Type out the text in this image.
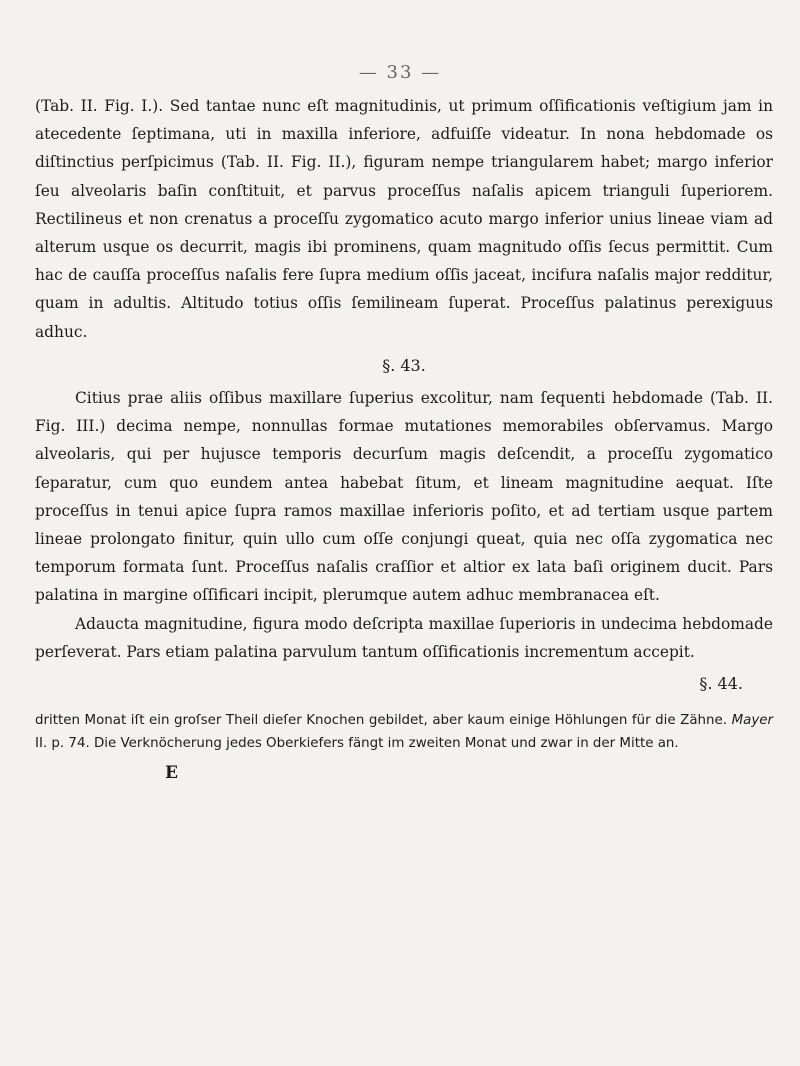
— 33 —

(Tab. II. Fig. I.). Sed tantae nunc eſt magnitudinis, ut primum oſſificationis veſtigium jam in atecedente ſeptimana, uti in maxilla inferiore, adfuiſſe videatur. In nona hebdomade os diſtinctius perſpicimus (Tab. II. Fig. II.), figuram nempe triangularem habet; margo inferior ſeu alveolaris baſin conſtituit, et parvus proceſſus naſalis apicem trianguli ſuperiorem. Rectilineus et non crenatus a proceſſu zygomatico acuto margo inferior unius lineae viam ad alterum usque os decurrit, magis ibi prominens, quam magnitudo oſſis ſecus permittit. Cum hac de cauſſa proceſſus naſalis fere ſupra medium oſſis jaceat, incifura naſalis major redditur, quam in adultis. Altitudo totius oſſis ſemilineam ſuperat. Proceſſus palatinus perexiguus adhuc.

§. 43.

Citius prae aliis oſſibus maxillare ſuperius excolitur, nam ſequenti hebdomade (Tab. II. Fig. III.) decima nempe, nonnullas formae mutationes memorabiles obſervamus. Margo alveolaris, qui per hujusce temporis decurſum magis deſcendit, a proceſſu zygomatico ſeparatur, cum quo eundem antea habebat ſitum, et lineam magnitudine aequat. Iſte proceſſus in tenui apice ſupra ramos maxillae inferioris poſito, et ad tertiam usque partem lineae prolongato finitur, quin ullo cum oſſe conjungi queat, quia nec oſſa zygomatica nec temporum formata ſunt. Proceſſus naſalis craſſior et altior ex lata baſi originem ducit. Pars palatina in margine oſſificari incipit, plerumque autem adhuc membranacea eſt.

Adaucta magnitudine, figura modo deſcripta maxillae ſuperioris in undecima hebdomade perſeverat. Pars etiam palatina parvulum tantum oſſificationis incrementum accepit.

§. 44.

dritten Monat iſt ein groſser Theil dieſer Knochen gebildet, aber kaum einige Höhlungen für die Zähne. Mayer II. p. 74. Die Verknöcherung jedes Oberkiefers fängt im zweiten Monat und zwar in der Mitte an.

E
